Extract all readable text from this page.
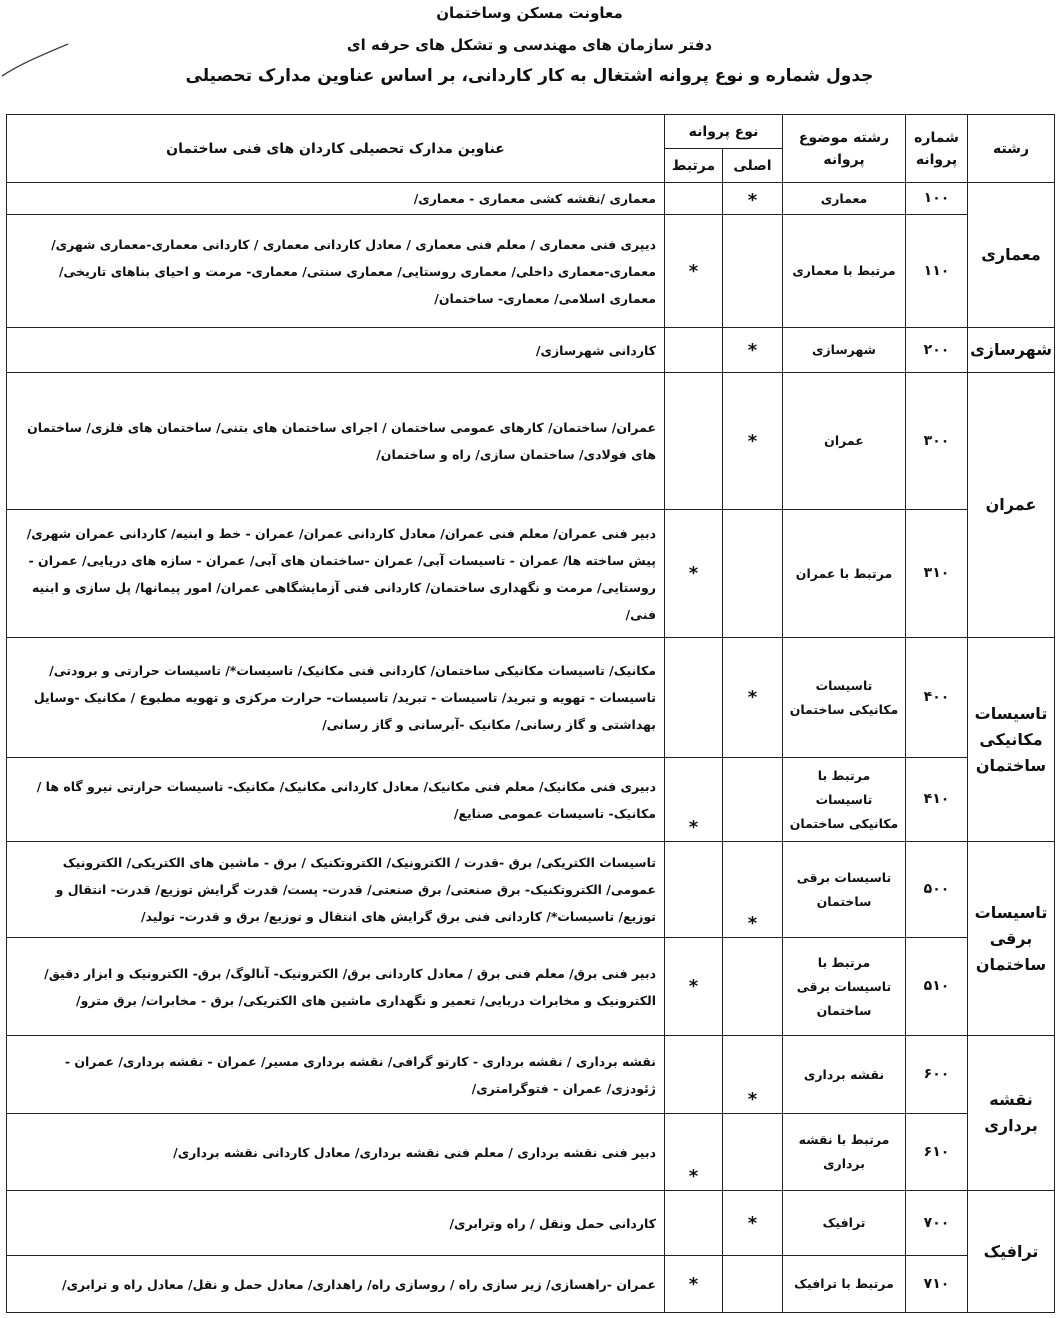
معاونت مسکن وساختمان
دفتر سازمان های مهندسی و تشکل های حرفه ای
جدول شماره و نوع پروانه اشتغال به کار کاردانی، بر اساس عناوین مدارک تحصیلی
رشته	شماره پروانه	رشته موضوع پروانه	نوع پروانه		عناوین مدارک تحصیلی کاردان های فنی ساختمان
			اصلی	مرتبط	
معماری	۱۰۰	معماری	*		معماری /نقشه کشی معماری - معماری/
	۱۱۰	مرتبط با معماری		*	دیپری فنی معماری / معلم فنی معماری / معادل کاردانی معماری / کاردانی معماری-معماری شهری/ معماری-معماری داخلی/ معماری روستایی/ معماری سنتی/ معماری- مرمت و احیای بناهای تاریخی/ معماری اسلامی/ معماری- ساختمان/
شهرسازی	۲۰۰	شهرسازی	*		کاردانی شهرسازی/
عمران	۳۰۰	عمران	*		عمران/ ساختمان/ کارهای عمومی ساختمان / اجرای ساختمان های بتنی/ ساختمان های فلزی/ ساختمان های فولادی/ ساختمان سازی/ راه و ساختمان/
	۳۱۰	مرتبط با عمران		*	دبیر فنی عمران/ معلم فنی عمران/ معادل کاردانی عمران/ عمران - خط و ابنیه/ کاردانی عمران شهری/ پیش ساخته ها/ عمران - تاسیسات آبی/ عمران -ساختمان های آبی/ عمران - سازه های دریایی/ عمران - روستایی/ مرمت و نگهداری ساختمان/ کاردانی فنی آزمایشگاهی عمران/ امور پیمانها/ پل سازی و ابنیه فنی/
تاسیسات مکانیکی ساختمان	۴۰۰	تاسیسات مکانیکی ساختمان	*		مکانیک/ تاسیسات مکانیکی ساختمان/ کاردانی فنی مکانیک/ تاسیسات*/ تاسیسات حرارتی و برودتی/ تاسیسات - تهویه و تبرید/ تاسیسات - تبرید/ تاسیسات- حرارت مرکزی و تهویه مطبوع / مکانیک -وسایل بهداشتی و گاز رسانی/ مکانیک -آبرسانی و گاز رسانی/
	۴۱۰	مرتبط با تاسیسات مکانیکی ساختمان		*	دبیری فنی مکانیک/ معلم فنی مکانیک/ معادل کاردانی مکانیک/ مکانیک- تاسیسات حرارتی نیرو گاه ها / مکانیک- تاسیسات عمومی صنایع/
تاسیسات برقی ساختمان	۵۰۰	تاسیسات برقی ساختمان	*		تاسیسات الکتریکی/ برق -قدرت / الکترونیک/ الکتروتکنیک / برق - ماشین های الکتریکی/ الکترونیک عمومی/ الکتروتکنیک- برق صنعتی/ برق صنعتی/ قدرت- پست/ قدرت گرایش توزیع/ قدرت- انتقال و توزیع/ تاسیسات*/ کاردانی فنی برق گرایش های انتقال و توزیع/ برق و قدرت- تولید/
	۵۱۰	مرتبط با تاسیسات برقی ساختمان		*	دبیر فنی برق/ معلم فنی برق / معادل کاردانی برق/ الکترونیک- آنالوگ/ برق- الکترونیک و ابزار دقیق/ الکترونیک و مخابرات دریایی/ تعمیر و نگهداری ماشین های الکتریکی/ برق - مخابرات/ برق مترو/
نقشه برداری	۶۰۰	نقشه برداری	*		نقشه برداری / نقشه برداری - کارتو گرافی/ نقشه برداری مسیر/ عمران - نقشه برداری/ عمران - ژئودزی/ عمران - فتوگرامتری/
	۶۱۰	مرتبط با نقشه برداری		*	دبیر فنی نقشه برداری / معلم فنی نقشه برداری/ معادل کاردانی نقشه برداری/
ترافیک	۷۰۰	ترافیک	*		کاردانی حمل ونقل / راه وترابری/
	۷۱۰	مرتبط با ترافیک		*	عمران -راهسازی/ زیر سازی راه / روسازی راه/ راهداری/ معادل حمل و نقل/ معادل راه و ترابری/
